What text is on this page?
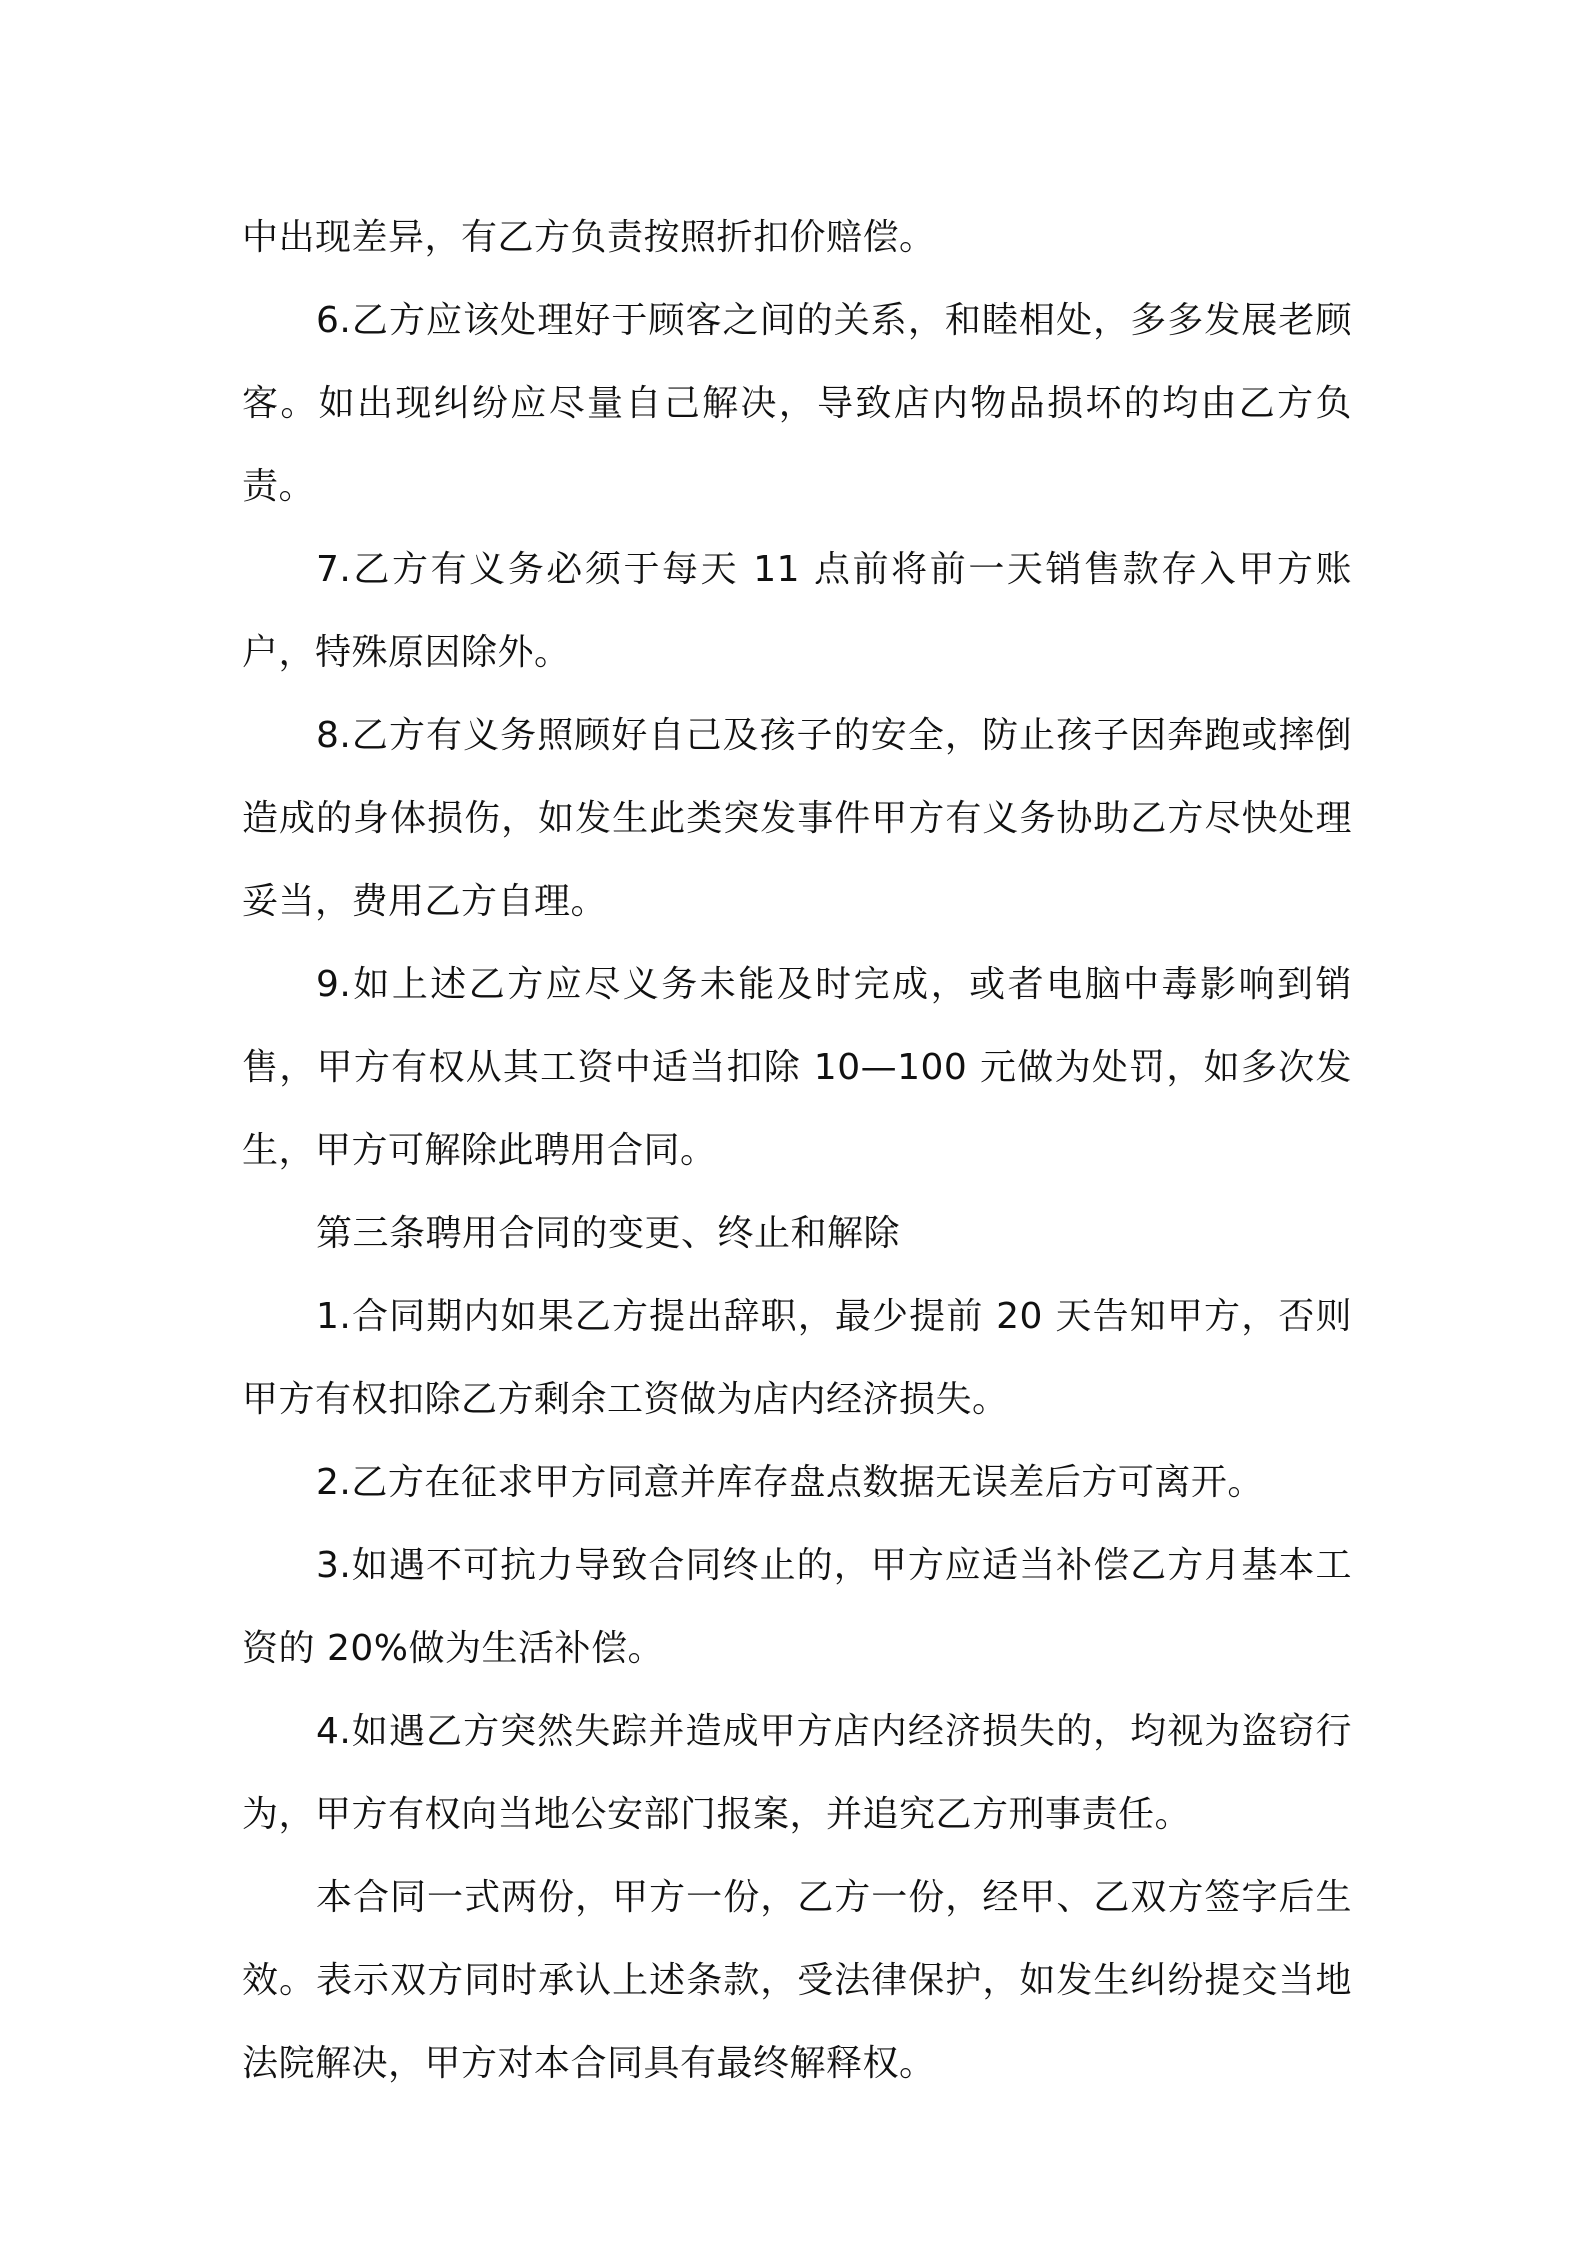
中出现差异，有乙方负责按照折扣价赔偿。

6.乙方应该处理好于顾客之间的关系，和睦相处，多多发展老顾客。如出现纠纷应尽量自己解决，导致店内物品损坏的均由乙方负责。

7.乙方有义务必须于每天 11 点前将前一天销售款存入甲方账户，特殊原因除外。

8.乙方有义务照顾好自己及孩子的安全，防止孩子因奔跑或摔倒造成的身体损伤，如发生此类突发事件甲方有义务协助乙方尽快处理妥当，费用乙方自理。

9.如上述乙方应尽义务未能及时完成，或者电脑中毒影响到销售，甲方有权从其工资中适当扣除 10—100 元做为处罚，如多次发生，甲方可解除此聘用合同。

第三条聘用合同的变更、终止和解除

1.合同期内如果乙方提出辞职，最少提前 20 天告知甲方，否则甲方有权扣除乙方剩余工资做为店内经济损失。

2.乙方在征求甲方同意并库存盘点数据无误差后方可离开。

3.如遇不可抗力导致合同终止的，甲方应适当补偿乙方月基本工资的 20%做为生活补偿。

4.如遇乙方突然失踪并造成甲方店内经济损失的，均视为盗窃行为，甲方有权向当地公安部门报案，并追究乙方刑事责任。

本合同一式两份，甲方一份，乙方一份，经甲、乙双方签字后生效。表示双方同时承认上述条款，受法律保护，如发生纠纷提交当地法院解决，甲方对本合同具有最终解释权。
